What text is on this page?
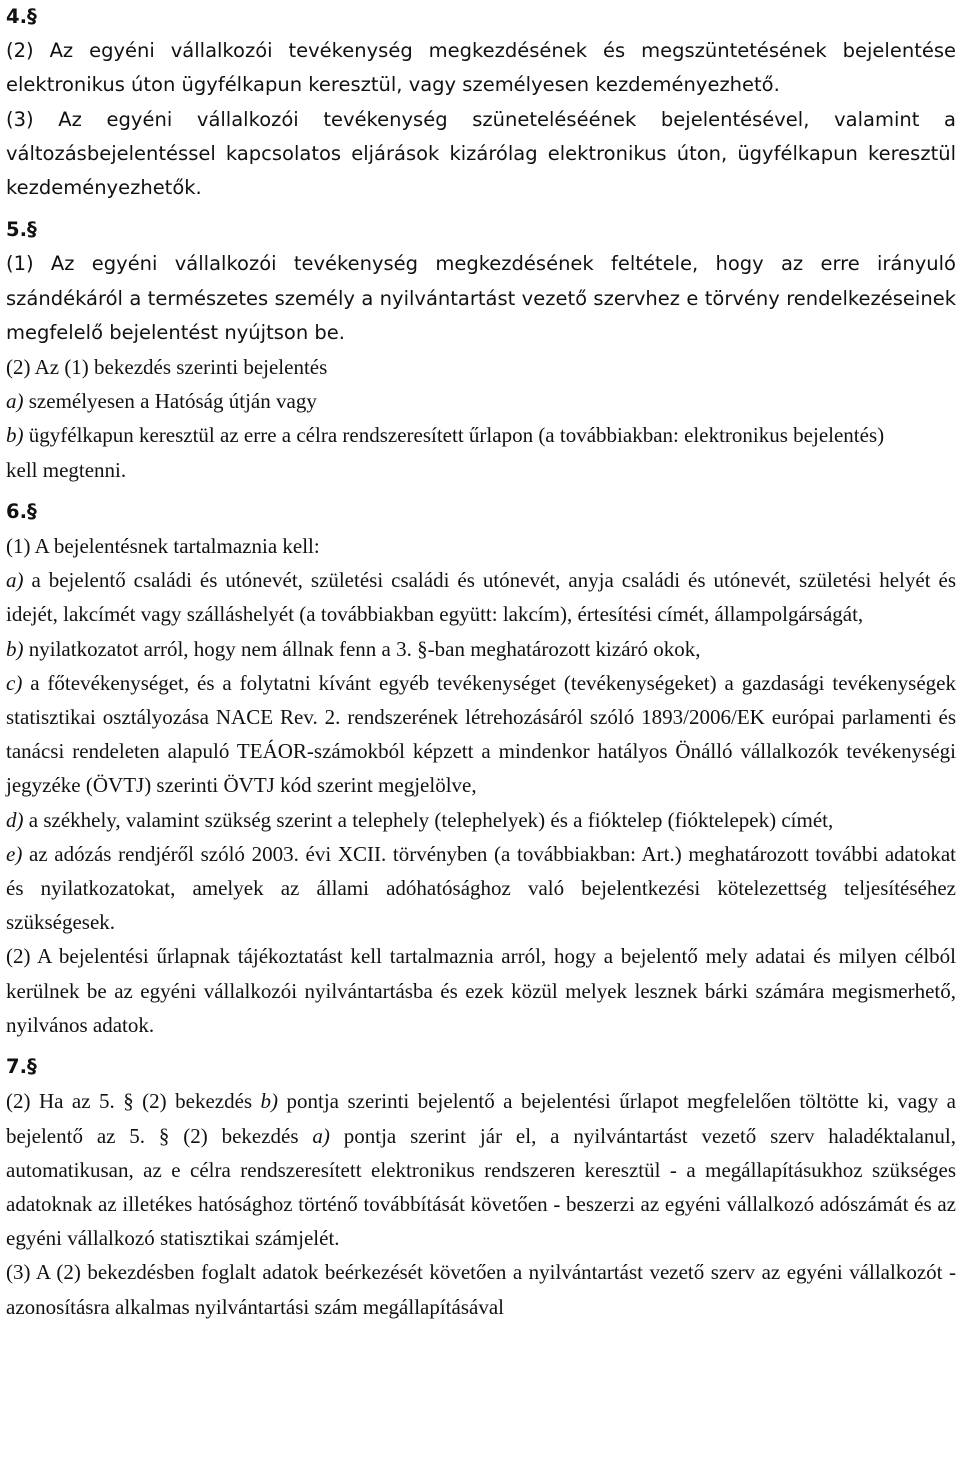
4.§

(2) Az egyéni vállalkozói tevékenység megkezdésének és megszüntetésének bejelentése elektronikus úton ügyfélkapun keresztül, vagy személyesen kezdeményezhető.

(3) Az egyéni vállalkozói tevékenység szüneteléséének bejelentésével, valamint a változásbejelentéssel kapcsolatos eljárások kizárólag elektronikus úton, ügyfélkapun keresztül kezdeményezhetők.

5.§

(1) Az egyéni vállalkozói tevékenység megkezdésének feltétele, hogy az erre irányuló szándékáról a természetes személy a nyilvántartást vezető szervhez e törvény rendelkezéseinek megfelelő bejelentést nyújtson be.

(2) Az (1) bekezdés szerinti bejelentés

a) személyesen a Hatóság útján vagy

b) ügyfélkapun keresztül az erre a célra rendszeresített űrlapon (a továbbiakban: elektronikus bejelentés)

kell megtenni.

6.§

(1) A bejelentésnek tartalmaznia kell:

a) a bejelentő családi és utónevét, születési családi és utónevét, anyja családi és utónevét, születési helyét és idejét, lakcímét vagy szálláshelyét (a továbbiakban együtt: lakcím), értesítési címét, állampolgárságát,

b) nyilatkozatot arról, hogy nem állnak fenn a 3. §-ban meghatározott kizáró okok,

c) a főtevékenységet, és a folytatni kívánt egyéb tevékenységet (tevékenységeket) a gazdasági tevékenységek statisztikai osztályozása NACE Rev. 2. rendszerének létrehozásáról szóló 1893/2006/EK európai parlamenti és tanácsi rendeleten alapuló TEÁOR-számokból képzett a mindenkor hatályos Önálló vállalkozók tevékenységi jegyzéke (ÖVTJ) szerinti ÖVTJ kód szerint megjelölve,

d) a székhely, valamint szükség szerint a telephely (telephelyek) és a fióktelep (fióktelepek) címét,

e) az adózás rendjéről szóló 2003. évi XCII. törvényben (a továbbiakban: Art.) meghatározott további adatokat és nyilatkozatokat, amelyek az állami adóhatósághoz való bejelentkezési kötelezettség teljesítéséhez szükségesek.

(2) A bejelentési űrlapnak tájékoztatást kell tartalmaznia arról, hogy a bejelentő mely adatai és milyen célból kerülnek be az egyéni vállalkozói nyilvántartásba és ezek közül melyek lesznek bárki számára megismerhető, nyilvános adatok.

7.§

(2) Ha az 5. § (2) bekezdés b) pontja szerinti bejelentő a bejelentési űrlapot megfelelően töltötte ki, vagy a bejelentő az 5. § (2) bekezdés a) pontja szerint jár el, a nyilvántartást vezető szerv haladéktalanul, automatikusan, az e célra rendszeresített elektronikus rendszeren keresztül - a megállapításukhoz szükséges adatoknak az illetékes hatósághoz történő továbbítását követően - beszerzi az egyéni vállalkozó adószámát és az egyéni vállalkozó statisztikai számjelét.

(3) A (2) bekezdésben foglalt adatok beérkezését követően a nyilvántartást vezető szerv az egyéni vállalkozót - azonosításra alkalmas nyilvántartási szám megállapításával
